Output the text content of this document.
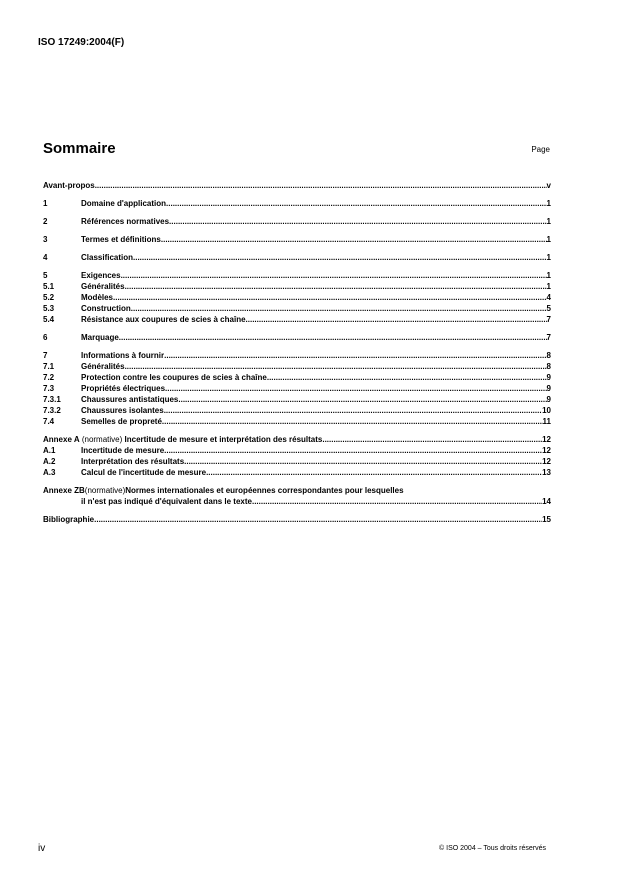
ISO 17249:2004(F)
Sommaire	Page
Avant-propos .....	v
1	Domaine d'application .....	1
2	Références normatives .....	1
3	Termes et définitions .....	1
4	Classification .....	1
5	Exigences .....	1
5.1	Généralités .....	1
5.2	Modèles .....	4
5.3	Construction .....	5
5.4	Résistance aux coupures de scies à chaîne .....	7
6	Marquage .....	7
7	Informations à fournir .....	8
7.1	Généralités .....	8
7.2	Protection contre les coupures de scies à chaîne .....	9
7.3	Propriétés électriques .....	9
7.3.1	Chaussures antistatiques .....	9
7.3.2	Chaussures isolantes .....	10
7.4	Semelles de propreté .....	11
Annexe A (normative) Incertitude de mesure et interprétation des résultats .....	12
A.1	Incertitude de mesure .....	12
A.2	Interprétation des résultats .....	12
A.3	Calcul de l'incertitude de mesure .....	13
Annexe ZB (normative) Normes internationales et européennes correspondantes pour lesquelles
il n'est pas indiqué d'équivalent dans le texte .....	14
Bibliographie .....	15
iv	© ISO 2004 – Tous droits réservés
